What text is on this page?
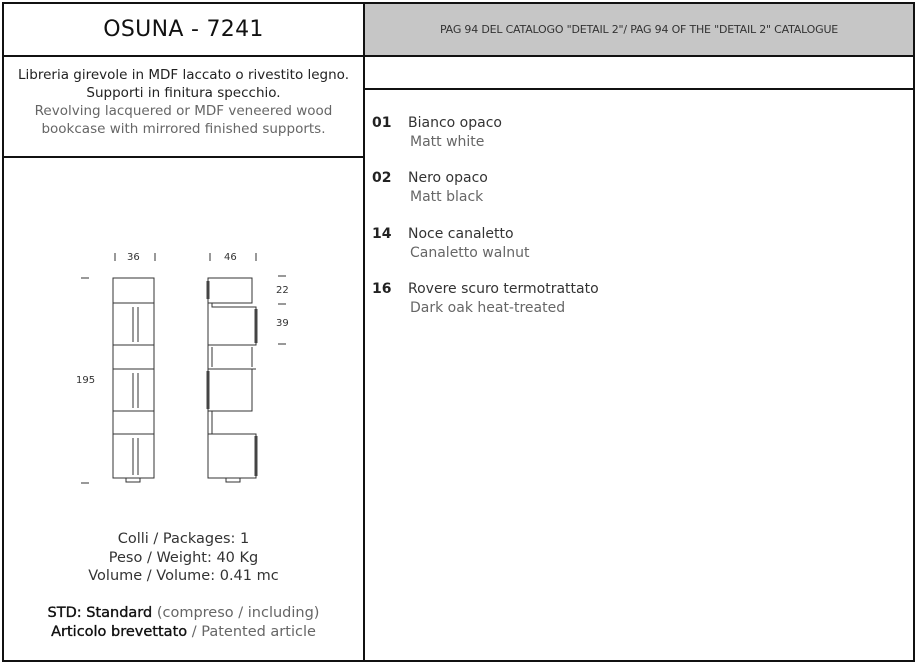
OSUNA - 7241	PAG 94 DEL CATALOGO "DETAIL 2"/ PAG 94 OF THE "DETAIL 2" CATALOGUE
Libreria girevole in MDF laccato o rivestito legno.
Supporti in finitura specchio.
Revolving lacquered or MDF veneered wood
bookcase with mirrored finished supports.
36	46
195
22
39
01 Bianco opaco
Matt white
02 Nero opaco
Matt black
14 Noce canaletto
Canaletto walnut
16 Rovere scuro termotrattato
Dark oak heat-treated
Colli / Packages: 1
Peso / Weight: 40 Kg
Volume / Volume: 0.41 mc
STD: Standard (compreso / including)
Articolo brevettato / Patented article
